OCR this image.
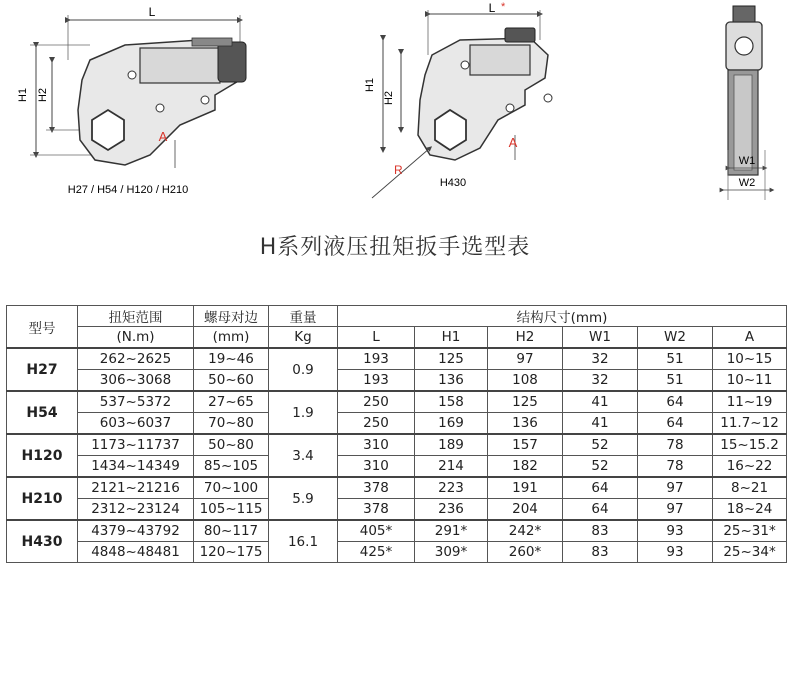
L
H1 H2
A
H27 / H54 / H120 / H210
L *
H1
H2
A
R
H430
W1
W2
H系列液压扭矩扳手选型表
型号	扭矩范围	螺母对边	重量	结构尺寸(mm)					
	(N.m)	(mm)	Kg	L	H1	H2	W1	W2	A
H27	262~2625	19~46	0.9	193	125	97	32	51	10~15
	306~3068	50~60		193	136	108	32	51	10~11
H54	537~5372	27~65	1.9	250	158	125	41	64	11~19
	603~6037	70~80		250	169	136	41	64	11.7~12
H120	1173~11737	50~80	3.4	310	189	157	52	78	15~15.2
	1434~14349	85~105		310	214	182	52	78	16~22
H210	2121~21216	70~100	5.9	378	223	191	64	97	8~21
	2312~23124	105~115		378	236	204	64	97	18~24
H430	4379~43792	80~117	16.1	405*	291*	242*	83	93	25~31*
	4848~48481	120~175		425*	309*	260*	83	93	25~34*
